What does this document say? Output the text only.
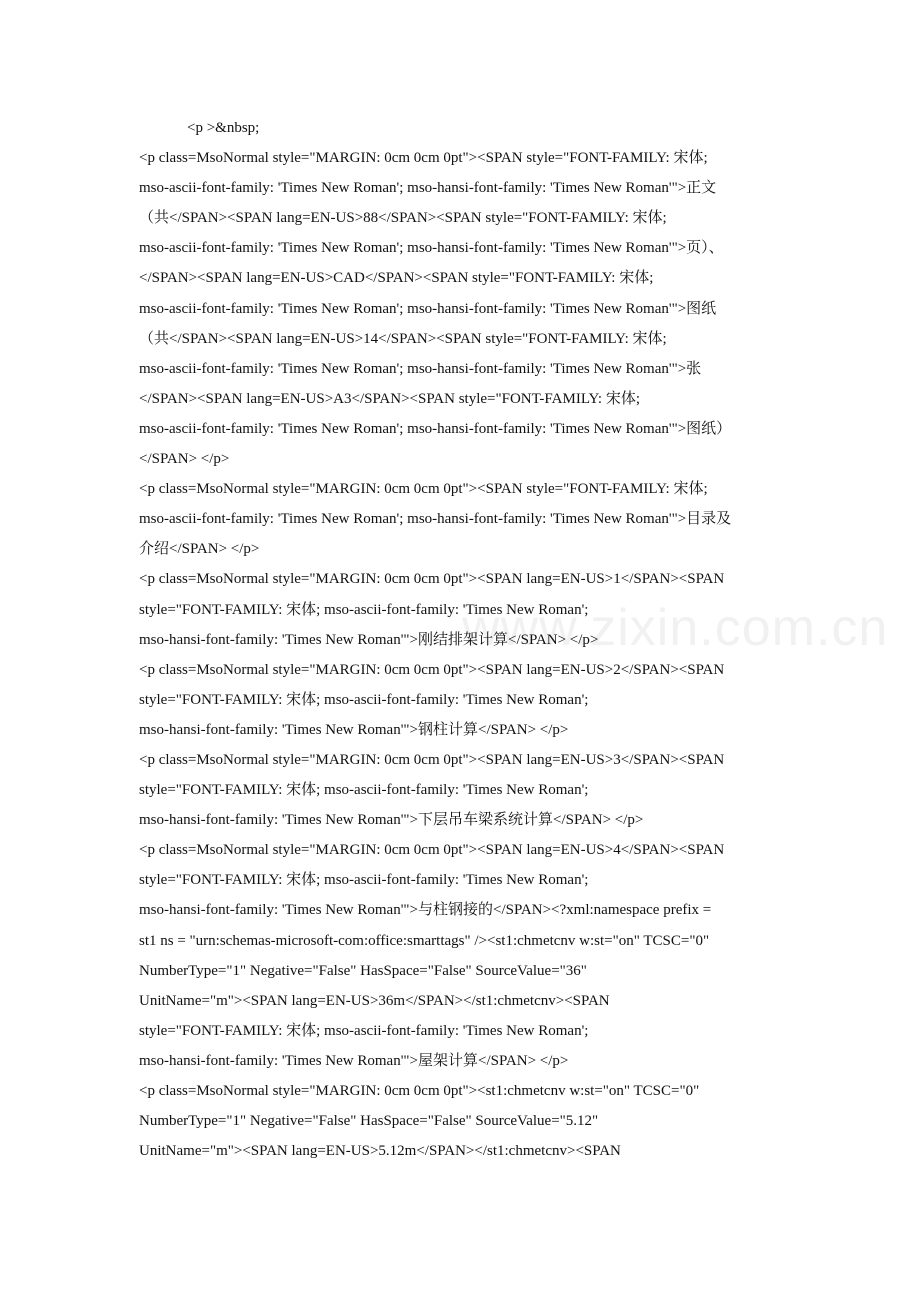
www.zixin.com.cn
<p >&nbsp;
<p class=MsoNormal style="MARGIN: 0cm 0cm 0pt"><SPAN style="FONT-FAMILY: 宋体;
mso-ascii-font-family: 'Times New Roman'; mso-hansi-font-family: 'Times New Roman'">正文
（共</SPAN><SPAN lang=EN-US>88</SPAN><SPAN style="FONT-FAMILY: 宋体;
mso-ascii-font-family: 'Times New Roman'; mso-hansi-font-family: 'Times New Roman'">页）、
</SPAN><SPAN lang=EN-US>CAD</SPAN><SPAN style="FONT-FAMILY: 宋体;
mso-ascii-font-family: 'Times New Roman'; mso-hansi-font-family: 'Times New Roman'">图纸
（共</SPAN><SPAN lang=EN-US>14</SPAN><SPAN style="FONT-FAMILY: 宋体;
mso-ascii-font-family: 'Times New Roman'; mso-hansi-font-family: 'Times New Roman'">张
</SPAN><SPAN lang=EN-US>A3</SPAN><SPAN style="FONT-FAMILY: 宋体;
mso-ascii-font-family: 'Times New Roman'; mso-hansi-font-family: 'Times New Roman'">图纸）
</SPAN> </p>
<p class=MsoNormal style="MARGIN: 0cm 0cm 0pt"><SPAN style="FONT-FAMILY: 宋体;
mso-ascii-font-family: 'Times New Roman'; mso-hansi-font-family: 'Times New Roman'">目录及
介绍</SPAN> </p>
<p class=MsoNormal style="MARGIN: 0cm 0cm 0pt"><SPAN lang=EN-US>1</SPAN><SPAN
style="FONT-FAMILY: 宋体; mso-ascii-font-family: 'Times New Roman';
mso-hansi-font-family: 'Times New Roman'">刚结排架计算</SPAN> </p>
<p class=MsoNormal style="MARGIN: 0cm 0cm 0pt"><SPAN lang=EN-US>2</SPAN><SPAN
style="FONT-FAMILY: 宋体; mso-ascii-font-family: 'Times New Roman';
mso-hansi-font-family: 'Times New Roman'">钢柱计算</SPAN> </p>
<p class=MsoNormal style="MARGIN: 0cm 0cm 0pt"><SPAN lang=EN-US>3</SPAN><SPAN
style="FONT-FAMILY: 宋体; mso-ascii-font-family: 'Times New Roman';
mso-hansi-font-family: 'Times New Roman'">下层吊车梁系统计算</SPAN> </p>
<p class=MsoNormal style="MARGIN: 0cm 0cm 0pt"><SPAN lang=EN-US>4</SPAN><SPAN
style="FONT-FAMILY: 宋体; mso-ascii-font-family: 'Times New Roman';
mso-hansi-font-family: 'Times New Roman'">与柱钢接的</SPAN><?xml:namespace prefix =
st1 ns = "urn:schemas-microsoft-com:office:smarttags" /><st1:chmetcnv w:st="on" TCSC="0"
NumberType="1" Negative="False" HasSpace="False" SourceValue="36"
UnitName="m"><SPAN lang=EN-US>36m</SPAN></st1:chmetcnv><SPAN
style="FONT-FAMILY: 宋体; mso-ascii-font-family: 'Times New Roman';
mso-hansi-font-family: 'Times New Roman'">屋架计算</SPAN> </p>
<p class=MsoNormal style="MARGIN: 0cm 0cm 0pt"><st1:chmetcnv w:st="on" TCSC="0"
NumberType="1" Negative="False" HasSpace="False" SourceValue="5.12"
UnitName="m"><SPAN lang=EN-US>5.12m</SPAN></st1:chmetcnv><SPAN
